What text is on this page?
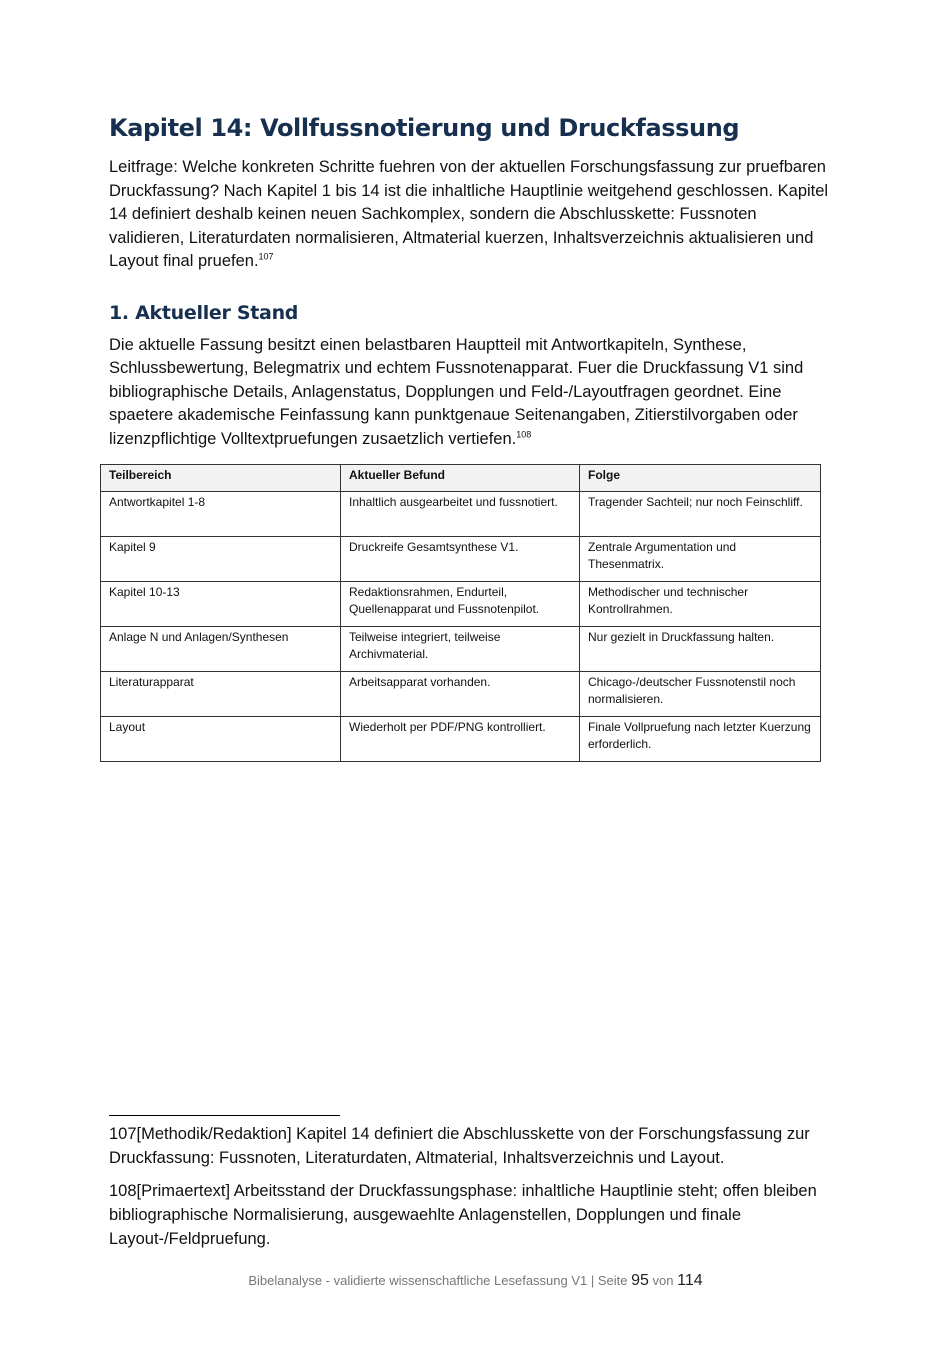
Kapitel 14: Vollfussnotierung und Druckfassung

Leitfrage: Welche konkreten Schritte fuehren von der aktuellen Forschungsfassung zur pruefbaren Druckfassung? Nach Kapitel 1 bis 14 ist die inhaltliche Hauptlinie weitgehend geschlossen. Kapitel 14 definiert deshalb keinen neuen Sachkomplex, sondern die Abschlusskette: Fussnoten validieren, Literaturdaten normalisieren, Altmaterial kuerzen, Inhaltsverzeichnis aktualisieren und Layout final pruefen.$^{107}$

1. Aktueller Stand

Die aktuelle Fassung besitzt einen belastbaren Hauptteil mit Antwortkapiteln, Synthese, Schlussbewertung, Belegmatrix und echtem Fussnotenapparat. Fuer die Druckfassung V1 sind bibliographische Details, Anlagenstatus, Dopplungen und Feld-/Layoutfragen geordnet. Eine spaetere akademische Feinfassung kann punktgenaue Seitenangaben, Zitierstilvorgaben oder lizenzpflichtige Volltextpruefungen zusaetzlich vertiefen.$^{108}$

Teilbereich	Aktueller Befund	Folge
Antwortkapitel 1-8	Inhaltlich ausgearbeitet und fussnotiert.	Tragender Sachteil; nur noch Feinschliff.
Kapitel 9	Druckreife Gesamtsynthese V1.	Zentrale Argumentation und Thesenmatrix.
Kapitel 10-13	Redaktionsrahmen, Endurteil, Quellenapparat und Fussnotenpilot.	Methodischer und technischer Kontrollrahmen.
Anlage N und Anlagen/Synthesen	Teilweise integriert, teilweise Archivmaterial.	Nur gezielt in Druckfassung halten.
Literaturapparat	Arbeitsapparat vorhanden.	Chicago-/deutscher Fussnotenstil noch normalisieren.
Layout	Wiederholt per PDF/PNG kontrolliert.	Finale Vollpruefung nach letzter Kuerzung erforderlich.

107[Methodik/Redaktion] Kapitel 14 definiert die Abschlusskette von der Forschungsfassung zur Druckfassung: Fussnoten, Literaturdaten, Altmaterial, Inhaltsverzeichnis und Layout.

108[Primaertext] Arbeitsstand der Druckfassungsphase: inhaltliche Hauptlinie steht; offen bleiben bibliographische Normalisierung, ausgewaehlte Anlagenstellen, Dopplungen und finale Layout-/Feldpruefung.

Bibelanalyse - validierte wissenschaftliche Lesefassung V1 | Seite 95 von 114
